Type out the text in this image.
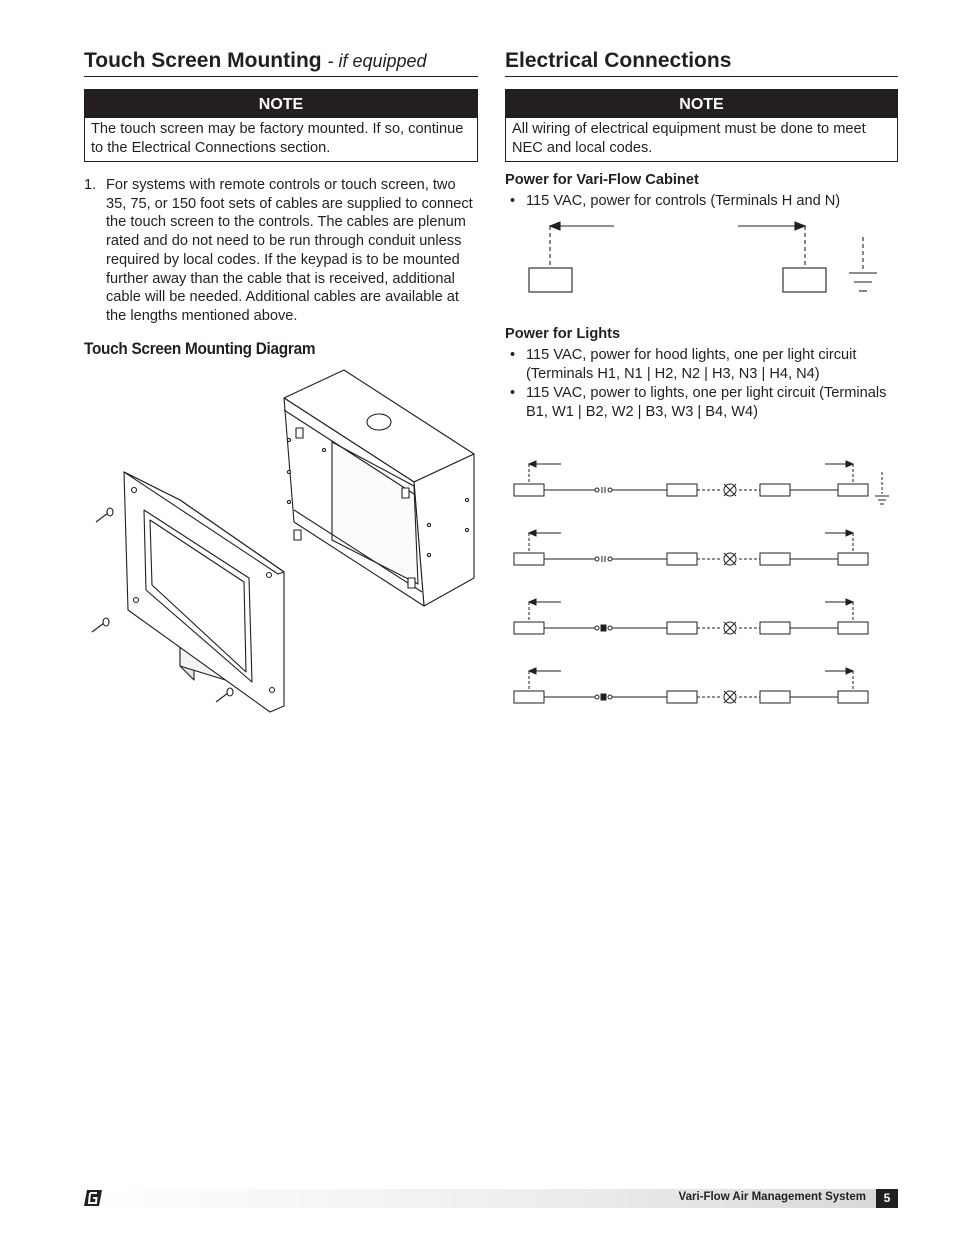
Touch Screen Mounting - if equipped
NOTE
The touch screen may be factory mounted. If so, continue to the Electrical Connections section.
1. For systems with remote controls or touch screen, two 35, 75, or 150 foot sets of cables are supplied to connect the touch screen to the controls. The cables are plenum rated and do not need to be run through conduit unless required by local codes. If the keypad is to be mounted further away than the cable that is received, additional cable will be needed. Additional cables are available at the lengths mentioned above.
Touch Screen Mounting Diagram
Electrical Connections
NOTE
All wiring of electrical equipment must be done to meet NEC and local codes.
Power for Vari-Flow Cabinet
• 115 VAC, power for controls (Terminals H and N)
Power for Lights
• 115 VAC, power for hood lights, one per light circuit (Terminals H1, N1 | H2, N2 | H3, N3 | H4, N4)
• 115 VAC, power to lights, one per light circuit (Terminals B1, W1 | B2, W2 | B3, W3 | B4, W4)
Vari-Flow Air Management System	5
